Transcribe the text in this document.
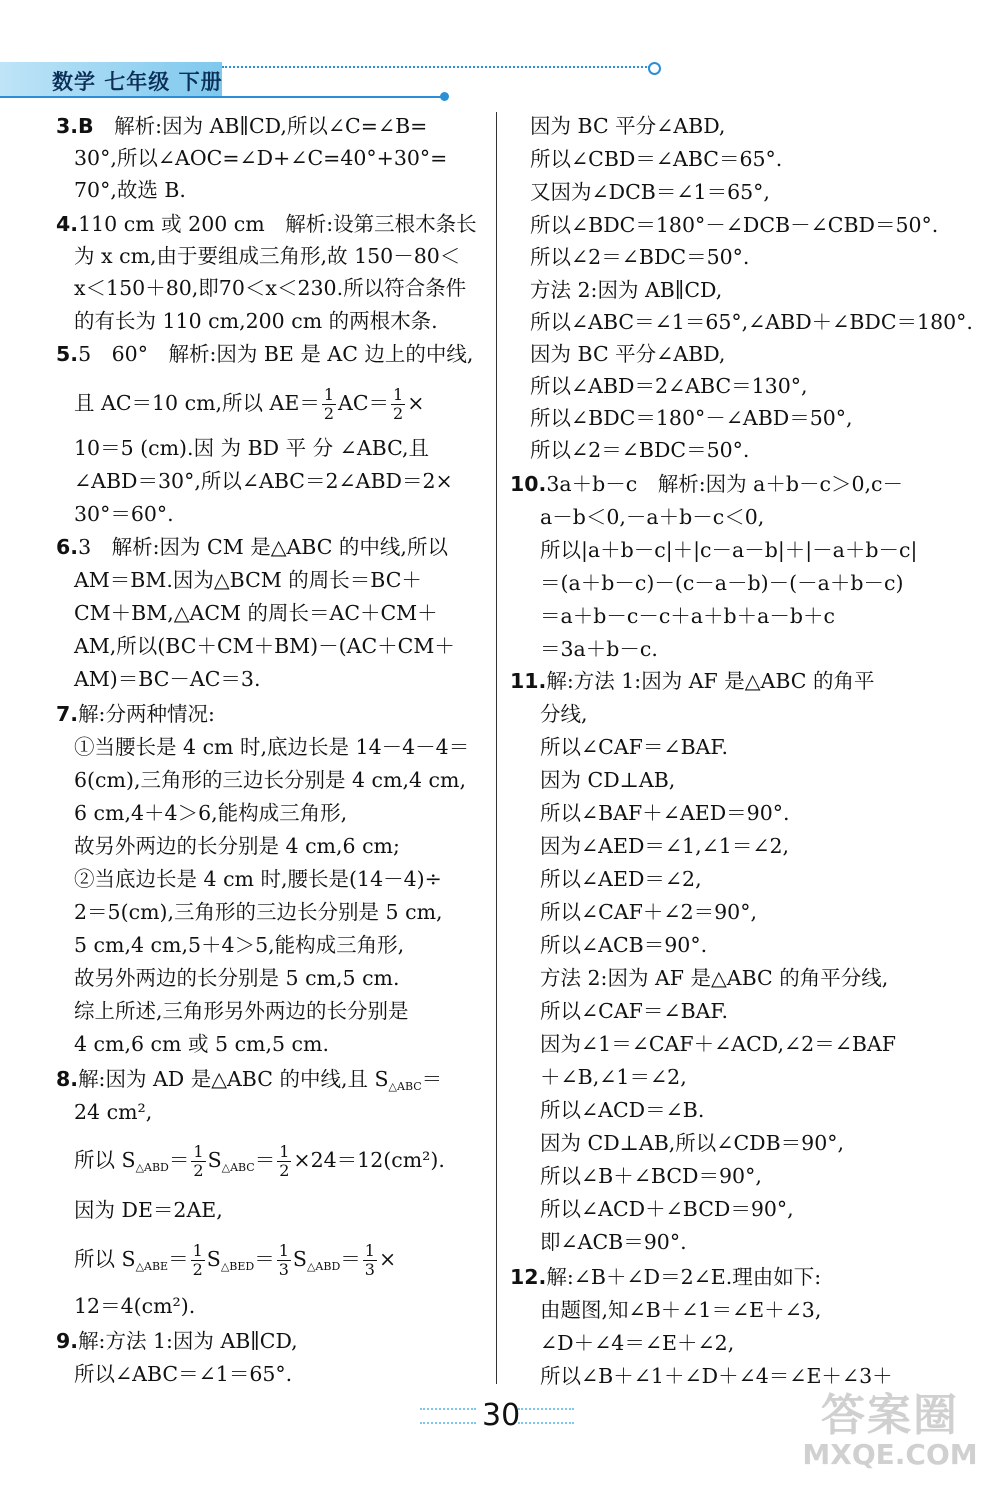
数学 七年级 下册
3.B　解析:因为 AB∥CD,所以∠C=∠B=
30°,所以∠AOC=∠D+∠C=40°+30°=
70°,故选 B.
4.110 cm 或 200 cm　解析:设第三根木条长
为 x cm,由于要组成三角形,故 150－80＜
x＜150＋80,即70＜x＜230.所以符合条件
的有长为 110 cm,200 cm 的两根木条.
5.5　60°　解析:因为 BE 是 AC 边上的中线,
且 AC＝10 cm,所以 $AE= \frac{1}{2} AC= \frac{1}{2}$ ×
10＝5 (cm).因 为 BD 平 分 ∠ABC,且
∠ABD＝30°,所以∠ABC＝2∠ABD＝2×
30°＝60°.
6.3　解析:因为 CM 是△ABC 的中线,所以
AM＝BM.因为△BCM 的周长＝BC＋
CM＋BM,△ACM 的周长＝AC＋CM＋
AM,所以(BC＋CM＋BM)－(AC＋CM＋
AM)＝BC－AC＝3.
7.解:分两种情况:
①当腰长是 4 cm 时,底边长是 14－4－4＝
6(cm),三角形的三边长分别是 4 cm,4 cm,
6 cm,4＋4＞6,能构成三角形,
故另外两边的长分别是 4 cm,6 cm;
②当底边长是 4 cm 时,腰长是(14－4)÷
2＝5(cm),三角形的三边长分别是 5 cm,
5 cm,4 cm,5＋4＞5,能构成三角形,
故另外两边的长分别是 5 cm,5 cm.
综上所述,三角形另外两边的长分别是
4 cm,6 cm 或 5 cm,5 cm.
8.解:因为 AD 是△ABC 的中线,且 $S_{\triangle ABC}=$
24 cm²,
所以 $S_{\triangle ABD}= \frac{1}{2} S_{\triangle ABC}= \frac{1}{2} \times 24=12(cm^2)$.
因为 DE＝2AE,
所以 $S_{\triangle ABE}= \frac{1}{2} S_{\triangle BED}= \frac{1}{3} S_{\triangle ABD}= \frac{1}{3}$ ×
12＝4(cm²).
9.解:方法 1:因为 AB∥CD,
所以∠ABC＝∠1＝65°.
因为 BC 平分∠ABD,
所以∠CBD＝∠ABC＝65°.
又因为∠DCB＝∠1＝65°,
所以∠BDC＝180°－∠DCB－∠CBD＝50°.
所以∠2＝∠BDC＝50°.
方法 2:因为 AB∥CD,
所以∠ABC＝∠1＝65°,∠ABD＋∠BDC＝180°.
因为 BC 平分∠ABD,
所以∠ABD＝2∠ABC＝130°,
所以∠BDC＝180°－∠ABD＝50°,
所以∠2＝∠BDC＝50°.
10.3a＋b－c　解析:因为 a＋b－c＞0,c－
a－b＜0,－a＋b－c＜0,
所以|a＋b－c|＋|c－a－b|＋|－a＋b－c|
＝(a＋b－c)－(c－a－b)－(－a＋b－c)
＝a＋b－c－c＋a＋b＋a－b＋c
＝3a＋b－c.
11.解:方法 1:因为 AF 是△ABC 的角平
分线,
所以∠CAF＝∠BAF.
因为 CD⊥AB,
所以∠BAF＋∠AED＝90°.
因为∠AED＝∠1,∠1＝∠2,
所以∠AED＝∠2,
所以∠CAF＋∠2＝90°,
所以∠ACB＝90°.
方法 2:因为 AF 是△ABC 的角平分线,
所以∠CAF＝∠BAF.
因为∠1＝∠CAF＋∠ACD,∠2＝∠BAF
＋∠B,∠1＝∠2,
所以∠ACD＝∠B.
因为 CD⊥AB,所以∠CDB＝90°,
所以∠B＋∠BCD＝90°,
所以∠ACD＋∠BCD＝90°,
即∠ACB＝90°.
12.解:∠B＋∠D＝2∠E.理由如下:
由题图,知∠B＋∠1＝∠E＋∠3,
∠D＋∠4＝∠E＋∠2,
所以∠B＋∠1＋∠D＋∠4＝∠E＋∠3＋
30	答案圈
MXQE.COM
